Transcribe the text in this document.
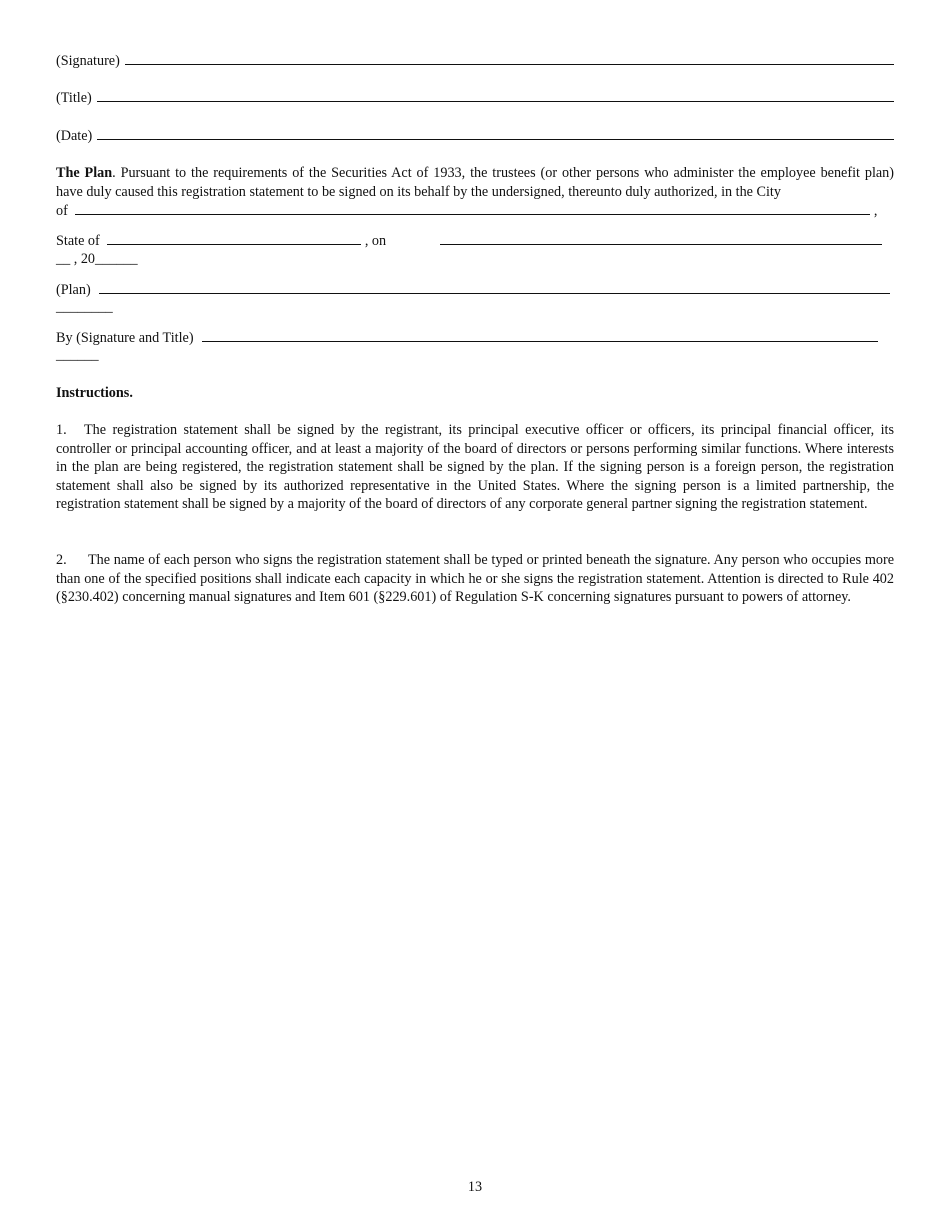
(Signature)
(Title)
(Date)
The Plan. Pursuant to the requirements of the Securities Act of 1933, the trustees (or other persons who administer the employee benefit plan) have duly caused this registration statement to be signed on its behalf by the undersigned, thereunto duly authorized, in the City
of	,
State of	, on
__ , 20______
(Plan)
________
By (Signature and Title)
______
Instructions.
1. The registration statement shall be signed by the registrant, its principal executive officer or officers, its principal financial officer, its controller or principal accounting officer, and at least a majority of the board of directors or persons performing similar functions. Where interests in the plan are being registered, the registration statement shall be signed by the plan. If the signing person is a foreign person, the registration statement shall also be signed by its authorized representative in the United States. Where the signing person is a limited partnership, the registration statement shall be signed by a majority of the board of directors of any corporate general partner signing the registration statement.
2. The name of each person who signs the registration statement shall be typed or printed beneath the signature. Any person who occupies more than one of the specified positions shall indicate each capacity in which he or she signs the registration statement. Attention is directed to Rule 402 (§230.402) concerning manual signatures and Item 601 (§229.601) of Regulation S-K concerning signatures pursuant to powers of attorney.
13
